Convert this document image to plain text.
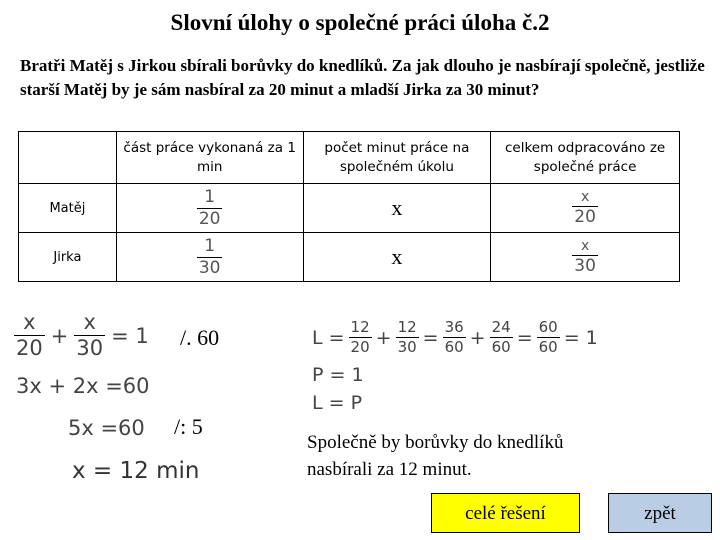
Slovní úlohy o společné práci úloha č.2
Bratři Matěj s Jirkou sbírali borůvky do knedlíků. Za jak dlouho je nasbírají společně, jestliže starší Matěj by je sám nasbíral za 20 minut a mladší Jirka za 30 minut?
	část práce vykonaná za 1 min	počet minut práce na společném úkolu	celkem odpracováno ze společné práce
Matěj	$\frac{1}{20}$	x	$\frac{x}{20}$

Jirka	$\frac{1}{30}$	x	$\frac{x}{30}$
$\frac{x}{20} + \frac{x}{30} = 1$ /. 60
3x + 2x =60
/: 5
5x =60
x = 12 min
$L = \frac{12}{20} + \frac{12}{30} = \frac{36}{60} + \frac{24}{60} = \frac{60}{60} = 1$
P = 1
L = P
Společně by borůvky do knedlíků
nasbírali za 12 minut.
celé řešení	zpět
